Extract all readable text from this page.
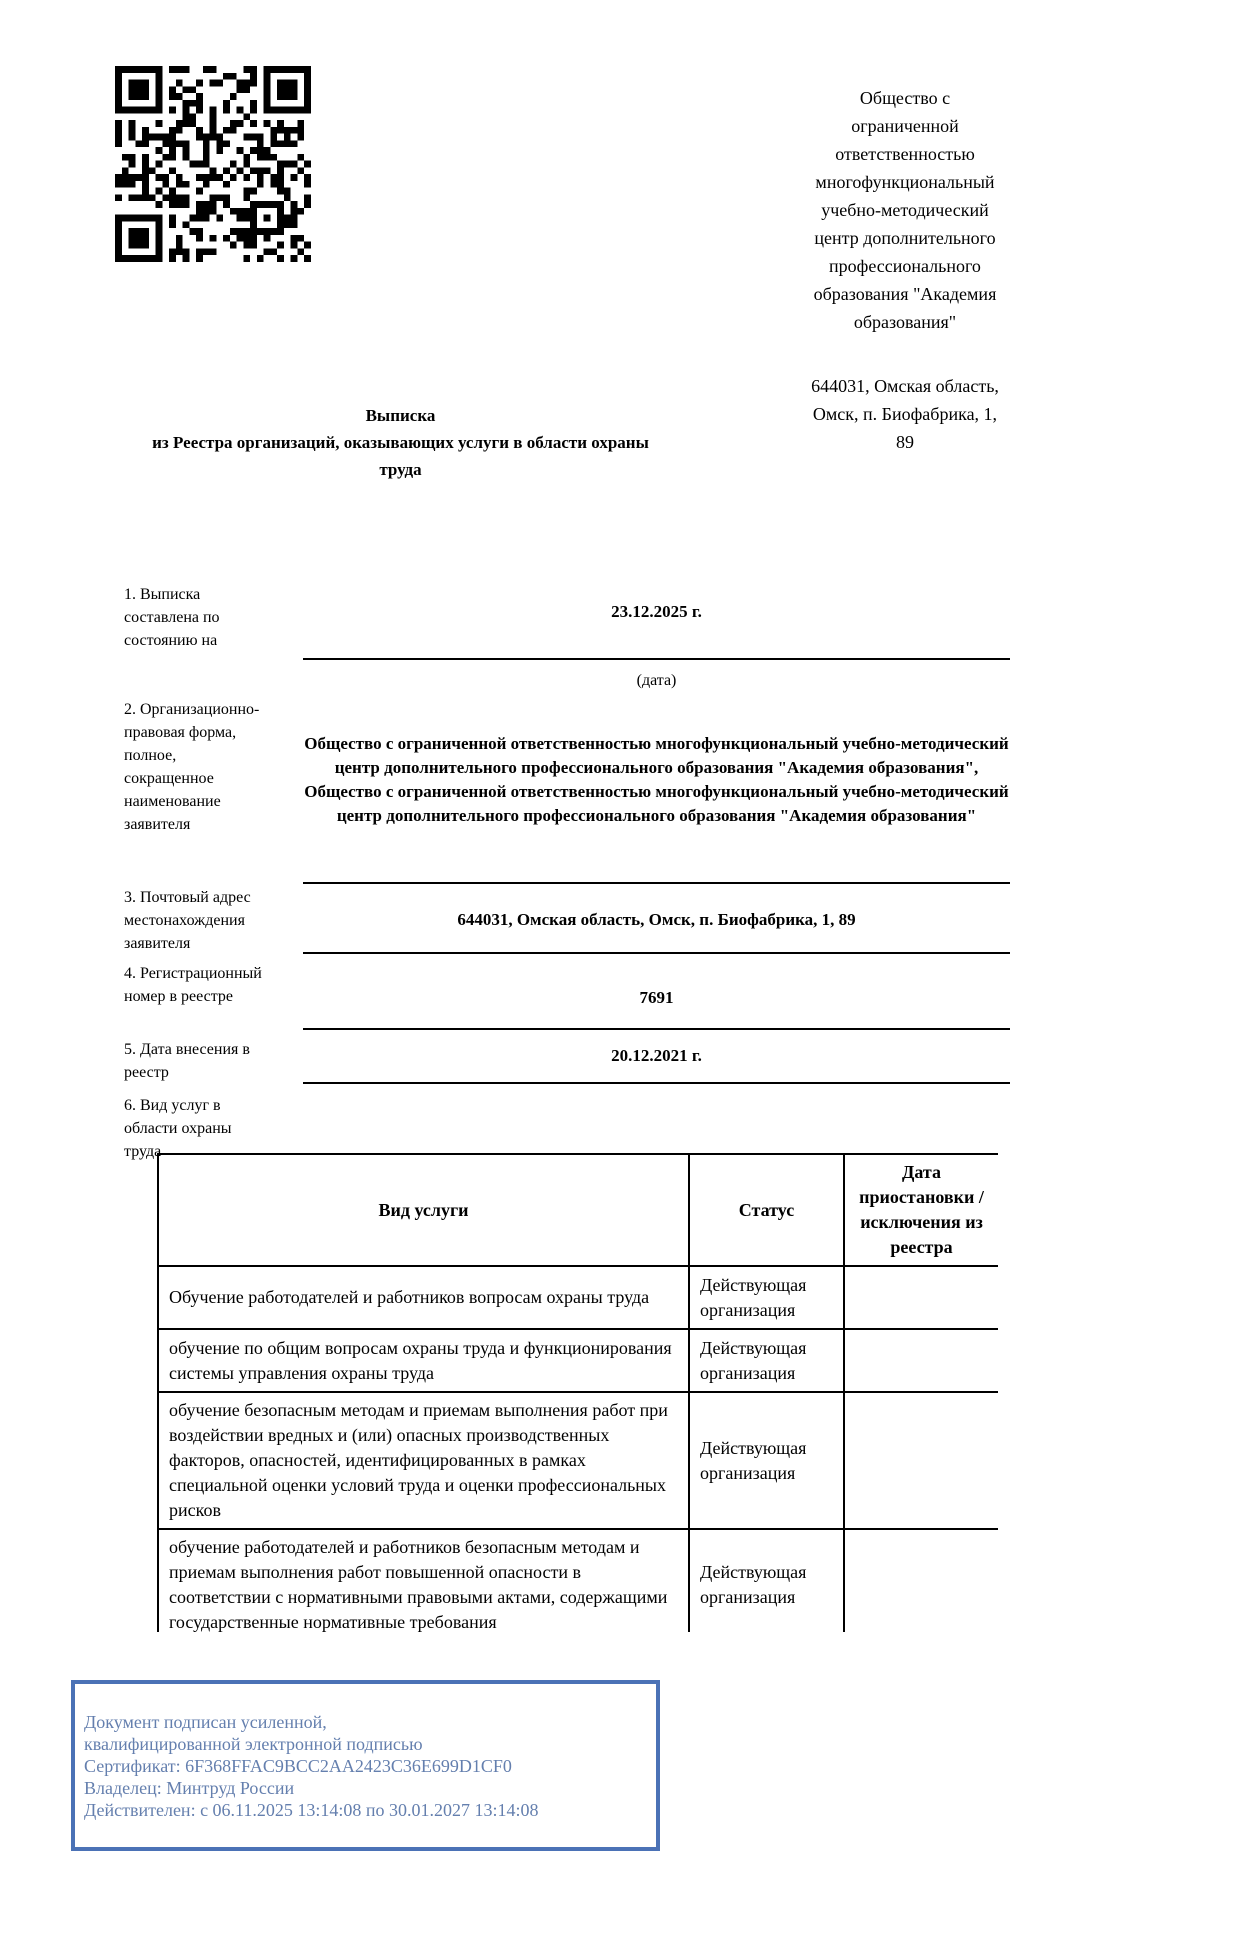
Общество с ограниченной ответственностью многофункциональный учебно-методический центр дополнительного профессионального образования "Академия образования"
644031, Омская область, Омск, п. Биофабрика, 1, 89
Выписка
из Реестра организаций, оказывающих услуги в области охраны
труда
1. Выписка составлена по состоянию на
23.12.2025 г.
(дата)
2. Организационно-правовая форма, полное, сокращенное наименование заявителя
Общество с ограниченной ответственностью многофункциональный учебно-методический центр дополнительного профессионального образования "Академия образования", Общество с ограниченной ответственностью многофункциональный учебно-методический центр дополнительного профессионального образования "Академия образования"
3. Почтовый адрес местонахождения заявителя
644031, Омская область, Омск, п. Биофабрика, 1, 89
4. Регистрационный номер в реестре	7691
5. Дата внесения в реестр
20.12.2021 г.
6. Вид услуг в области охраны труда
Вид услуги	Статус	Дата приостановки / исключения из реестра
Обучение работодателей и работников вопросам охраны труда	Действующая организация	
обучение по общим вопросам охраны труда и функционирования системы управления охраны труда	Действующая организация	
обучение безопасным методам и приемам выполнения работ при воздействии вредных и (или) опасных производственных факторов, опасностей, идентифицированных в рамках специальной оценки условий труда и оценки профессиональных рисков	Действующая организация	
обучение работодателей и работников безопасным методам и приемам выполнения работ повышенной опасности в соответствии с нормативными правовыми актами, содержащими государственные нормативные требования	Действующая организация	
Документ подписан усиленной,
квалифицированной электронной подписью
Сертификат: 6F368FFAC9BCC2AA2423C36E699D1CF0
Владелец: Минтруд России
Действителен: с 06.11.2025 13:14:08 по 30.01.2027 13:14:08
